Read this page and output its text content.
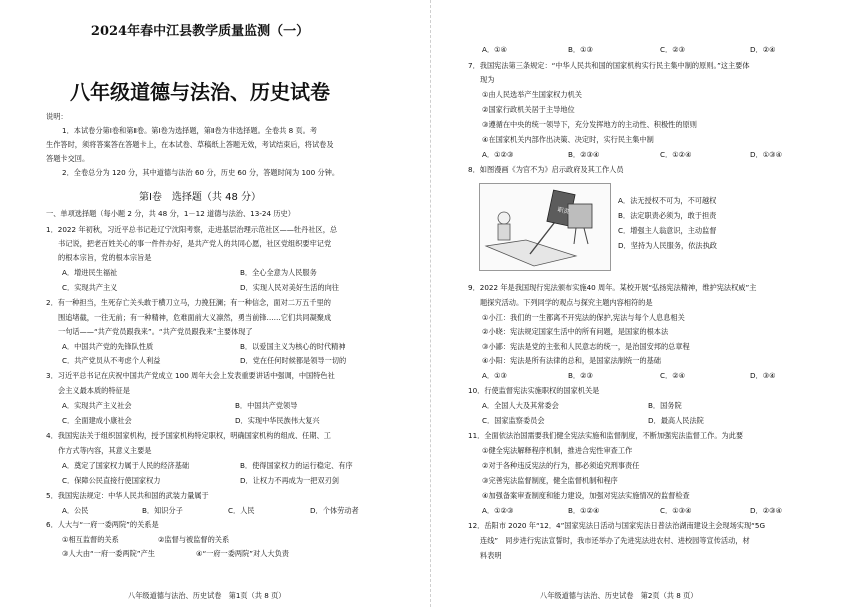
2024年春中江县教学质量监测（一）
八年级道德与法治、历史试卷
说明：
1．本试卷分第Ⅰ卷和第Ⅱ卷。第Ⅰ卷为选择题，第Ⅱ卷为非选择题。全卷共 8 页。考
生作答时，须将答案答在答题卡上，在本试卷、草稿纸上答题无效，考试结束后，将试卷及
答题卡交回。
2．全卷总分为 120 分，其中道德与法治 60 分，历史 60 分，答题时间为 100 分钟。
第Ⅰ卷　选择题（共 48 分）
一、单项选择题（每小题 2 分，共 48 分，1－12 道德与法治、13-24 历史）
1．2022 年初秋，习近平总书记赴辽宁沈阳考察，走进基层治理示范社区——牡丹社区，总
书记说，把老百姓关心的事一件件办好，是共产党人的共同心愿，社区党组织要牢记党
的根本宗旨，党的根本宗旨是
A．增进民生福祉	B．全心全意为人民服务
C．实现共产主义	D．实现人民对美好生活的向往
2．有一种担当，生死存亡关头敢于横刀立马，力挽狂澜；有一种信念，面对二万五千里的
围追堵截，一往无前；有一种精神，危难面前大义凛然，勇当前锋……它们共同凝聚成
一句话——“共产党员跟我来”。“共产党员跟我来”主要体现了
A．中国共产党的先锋队性质	B．以爱国主义为核心的时代精神
C．共产党员从不考虑个人利益	D．党在任何时候都是领导一切的
3．习近平总书记在庆祝中国共产党成立 100 周年大会上发表重要讲话中强调，中国特色社
会主义最本质的特征是
A．实现共产主义社会	B．中国共产党领导
C．全面建成小康社会	D．实现中华民族伟大复兴
4．我国宪法关于组织国家机构，授予国家机构特定职权，明确国家机构的组成、任期、工
作方式等内容，其意义主要是
A．奠定了国家权力属于人民的经济基础	B．使得国家权力的运行稳定、有序
C．保障公民直接行使国家权力	D．让权力不再成为一把双刃剑
5．我国宪法规定：中华人民共和国的武装力量属于
A．公民	B．知识分子	C．人民	D．个体劳动者
6．人大与“一府一委两院”的关系是
①相互监督的关系	②监督与被监督的关系
③人大由“一府一委两院”产生	④“一府一委两院”对人大负责
八年级道德与法治、历史试卷　第1页（共 8 页）
A．①④	B．①③	C．②③	D．②④
7．我国宪法第三条规定：“中华人民共和国的国家机构实行民主集中制的原则。”这主要体
现为
①由人民选举产生国家权力机关
②国家行政机关居于主导地位
③遵循在中央的统一领导下，充分发挥地方的主动性、积极性的原则
④在国家机关内部作出决策、决定时，实行民主集中制
A．①②③	B．②③④	C．①②④	D．①③④
8．如图漫画《为官不为》启示政府及其工作人员
职责
A．法无授权不可为，不可越权
B．法定职责必须为，敢于担责
C．增强主人翁意识，主动监督
D．坚持为人民服务，依法执政
9．2022 年是我国现行宪法颁布实施40 周年。某校开展“弘扬宪法精神，维护宪法权威”主
题探究活动。下列同学的观点与探究主题内容相符的是
①小江：我们的一生都离不开宪法的保护,宪法与每个人息息相关
②小晓：宪法规定国家生活中的所有问题，是国家的根本法
③小鄙：宪法是党的主张和人民意志的统一，是治国安邦的总章程
④小阳：宪法是所有法律的总和，是国家法制统一的基础
A．①③	B．②③	C．②④	D．③④
10．行使监督宪法实施职权的国家机关是
A．全国人大及其常委会	B．国务院
C．国家监察委员会	D．最高人民法院
11．全面依法治国需要我们健全宪法实施和监督制度，不断加强宪法监督工作。为此要
①健全宪法解释程序机制，推进合宪性审查工作
②对于各种违反宪法的行为，都必须追究刑事责任
③完善宪法监督制度，健全监督机制和程序
④加强备案审查制度和能力建设，加强对宪法实施情况的监督检查
A．①②③	B．①②④	C．①③④	D．②③④
12．岳阳市 2020 年“12．4”国家宪法日活动与国家宪法日普法治湖南建设主会现场实现“5G
连线”　同步进行宪法宣誓时，我市还举办了先进宪法进农村、进校园等宣传活动，材
料表明
八年级道德与法治、历史试卷　第2页（共 8 页）
